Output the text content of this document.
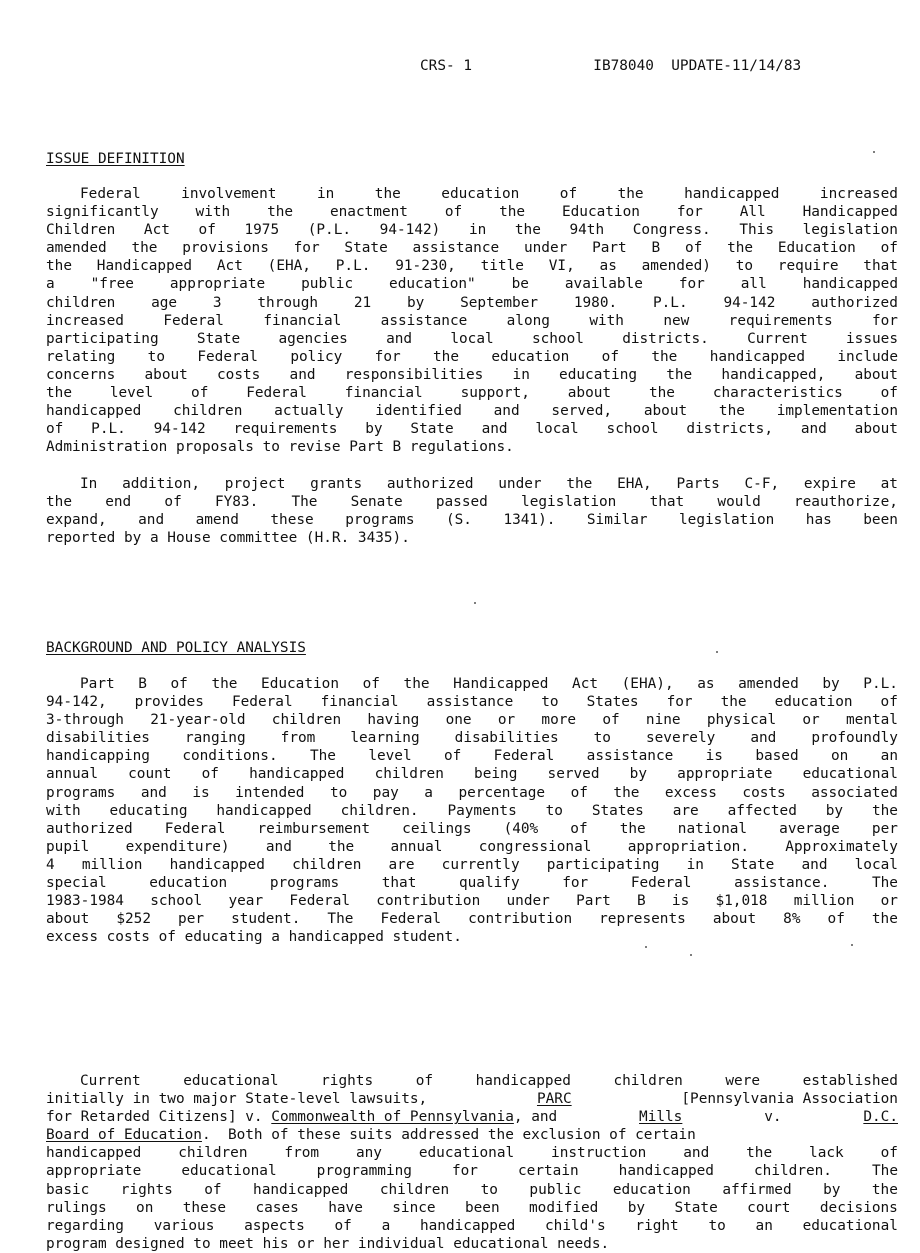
CRS- 1	IB78040  UPDATE-11/14/83
ISSUE DEFINITION
Federal	involvement	in	the	education	of	the	handicapped	increased
significantly	with	the	enactment	of	the	Education	for	All	Handicapped
Children Act of 1975 (P.L. 94-142) in the 94th Congress. This legislation
amended the provisions for State assistance under Part B of the Education of
the Handicapped Act (EHA, P.L. 91-230, title VI, as amended) to require that
a "free appropriate public education" be available for all handicapped
children age 3 through 21 by September 1980. P.L. 94-142 authorized
increased	Federal	financial	assistance	along	with	new	requirements	for
participating	State	agencies	and	local	school	districts.	Current	issues
relating to Federal policy for the education of the handicapped include
concerns about costs and responsibilities in educating the handicapped, about
the	level	of	Federal	financial	support,	about	the	characteristics	of
handicapped children actually identified and served, about the implementation
of P.L. 94-142 requirements by State and local school districts, and about
Administration proposals to revise Part B regulations.
In addition, project grants authorized under the EHA, Parts C-F, expire at
the end of FY83. The Senate passed legislation that would reauthorize,
expand, and amend these programs (S. 1341). Similar legislation has been
reported by a House committee (H.R. 3435).
BACKGROUND AND POLICY ANALYSIS
Part B of the Education of the Handicapped Act (EHA), as amended by P.L.
94-142, provides Federal financial assistance to States for the education of
3-through 21-year-old children having one or more of nine physical or mental
disabilities ranging from learning disabilities to severely and profoundly
handicapping conditions. The level of Federal assistance is based on an
annual count of handicapped children being served by appropriate educational
programs and is intended to pay a percentage of the excess costs associated
with educating handicapped children. Payments to States are affected by the
authorized Federal reimbursement ceilings (40% of the national average per
pupil	expenditure)	and	the	annual	congressional	appropriation.	Approximately
4 million handicapped children are currently participating in State and local
special	education	programs	that	qualify	for	Federal	assistance.	The
1983-1984 school year Federal contribution under Part B is $1,018 million or
about $252 per student. The Federal contribution represents about 8% of the
excess costs of educating a handicapped student.
Current	educational	rights	of	handicapped	children	were	established
initially in two major State-level lawsuits,	PARC	[Pennsylvania Association
for Retarded Citizens] v. Commonwealth of Pennsylvania, and	Mills	v.	D.C.
Board of Education .  Both of these suits addressed the exclusion of certain
handicapped	children	from	any	educational	instruction	and	the	lack	of
appropriate	educational	programming	for	certain	handicapped	children.	The
basic rights of handicapped children to public education affirmed by the
rulings on these cases have since been modified by State court decisions
regarding various aspects of a handicapped child's right to an educational
program designed to meet his or her individual educational needs.
